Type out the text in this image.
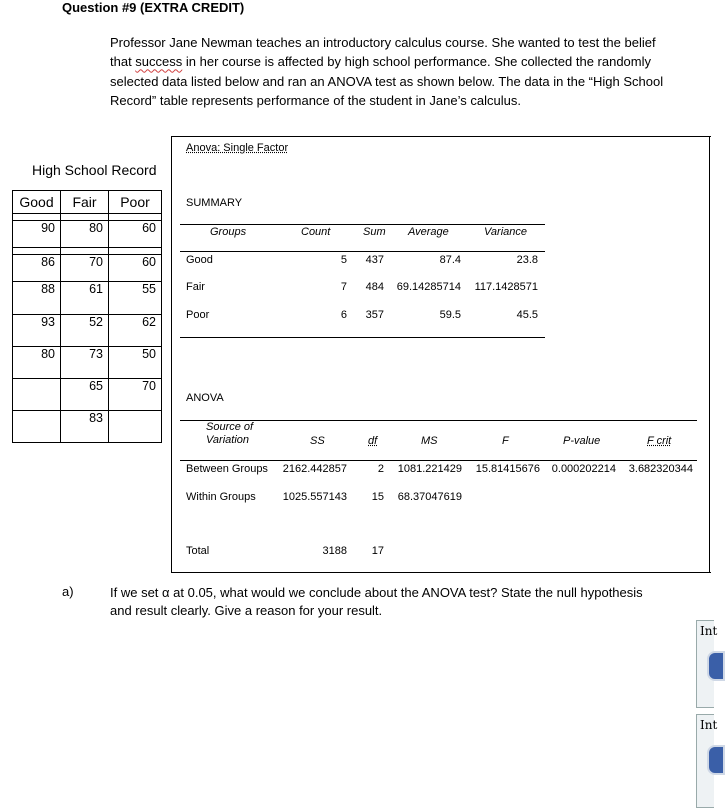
Question #9 (EXTRA CREDIT)
Professor Jane Newman teaches an introductory calculus course. She wanted to test the belief
that success in her course is affected by high school performance. She collected the randomly
selected data listed below and ran an ANOVA test as shown below. The data in the “High School
Record” table represents performance of the student in Jane’s calculus.
High School Record
Good	Fair	Poor

90	80	60

86	70	60
88	61	55
93	52	62
80	73	50
	65	70
	83	
Anova: Single Factor
SUMMARY
Groups	Count	Sum Average	Variance
Good	5	437	87.4	23.8
Fair	7	484	69.14285714	117.1428571
Poor	6	357	59.5	45.5
ANOVA
Source of
Variation	SS	df	MS	F	P-value	F crit
Between Groups	2162.442857	2	1081.221429	15.81415676	0.000202214	3.682320344
Within Groups	1025.557143	15	68.37047619
Total	3188	17
a)	If we set α at 0.05, what would we conclude about the ANOVA test? State the null hypothesis
and result clearly. Give a reason for your result.
Int
Int
